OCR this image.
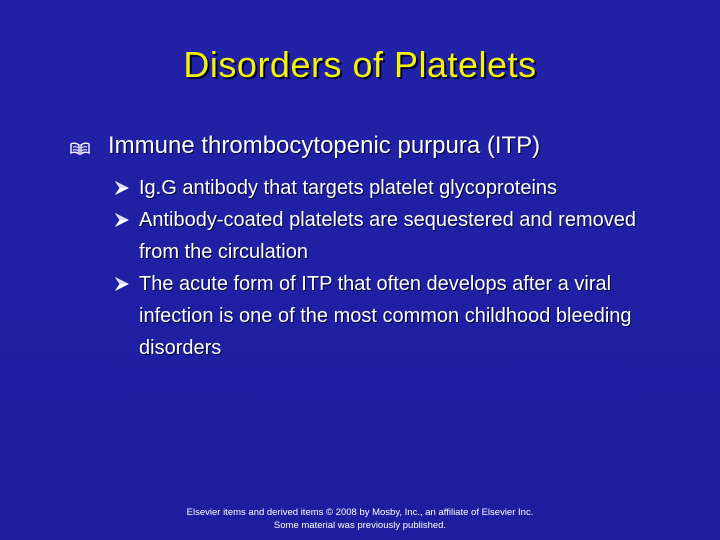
Disorders of Platelets
Immune thrombocytopenic purpura (ITP)
Ig.G antibody that targets platelet glycoproteins
Antibody-coated platelets are sequestered and removed from the circulation
The acute form of ITP that often develops after a viral infection is one of the most common childhood bleeding disorders
Elsevier items and derived items © 2008 by Mosby, Inc., an affiliate of Elsevier Inc.
Some material was previously published.
